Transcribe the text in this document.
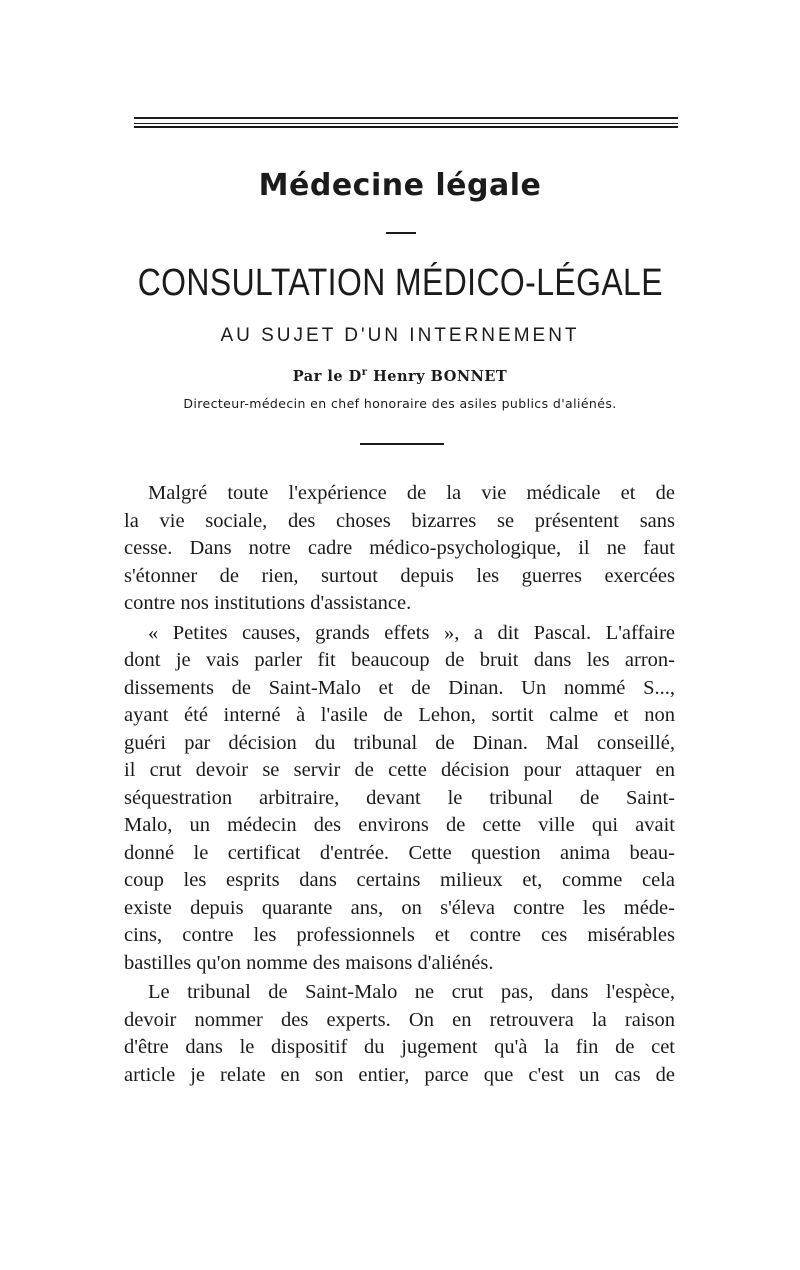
Médecine légale
CONSULTATION MÉDICO-LÉGALE
AU SUJET D'UN INTERNEMENT
Par le $D^r$ Henry BONNET
Directeur-médecin en chef honoraire des asiles publics d'aliénés.
Malgré toute l'expérience de la vie médicale et de
la vie sociale, des choses bizarres se présentent sans
cesse. Dans notre cadre médico-psychologique, il ne faut
s'étonner de rien, surtout depuis les guerres exercées
contre nos institutions d'assistance.
« Petites causes, grands effets », a dit Pascal. L'affaire
dont je vais parler fit beaucoup de bruit dans les arron-
dissements de Saint-Malo et de Dinan. Un nommé S...,
ayant été interné à l'asile de Lehon, sortit calme et non
guéri par décision du tribunal de Dinan. Mal conseillé,
il crut devoir se servir de cette décision pour attaquer en
séquestration arbitraire, devant le tribunal de Saint-
Malo, un médecin des environs de cette ville qui avait
donné le certificat d'entrée. Cette question anima beau-
coup les esprits dans certains milieux et, comme cela
existe depuis quarante ans, on s'éleva contre les méde-
cins, contre les professionnels et contre ces misérables
bastilles qu'on nomme des maisons d'aliénés.
Le tribunal de Saint-Malo ne crut pas, dans l'espèce,
devoir nommer des experts. On en retrouvera la raison
d'être dans le dispositif du jugement qu'à la fin de cet
article je relate en son entier, parce que c'est un cas de
